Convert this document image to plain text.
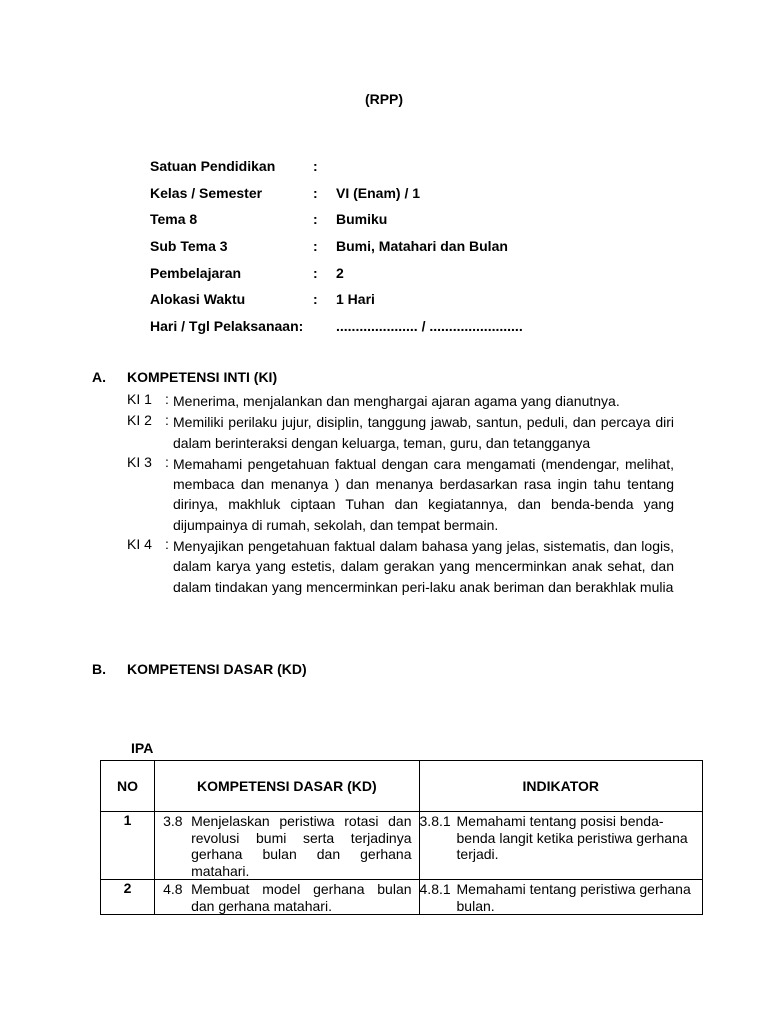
(RPP)
Satuan Pendidikan	:
Kelas / Semester	: VI (Enam) / 1
Tema 8	: Bumiku
Sub Tema 3	: Bumi, Matahari dan Bulan
Pembelajaran	: 2
Alokasi Waktu	: 1 Hari
Hari / Tgl Pelaksanaan: ..................... / ........................
A. KOMPETENSI INTI (KI)
KI 1 : Menerima, menjalankan dan menghargai ajaran agama yang dianutnya.
KI 2 : Memiliki perilaku jujur, disiplin, tanggung jawab, santun, peduli, dan percaya diri dalam berinteraksi dengan keluarga, teman, guru, dan tetangganya
KI 3 : Memahami pengetahuan faktual dengan cara mengamati (mendengar, melihat, membaca dan menanya ) dan menanya berdasarkan rasa ingin tahu tentang dirinya, makhluk ciptaan Tuhan dan kegiatannya, dan benda-benda yang dijumpainya di rumah, sekolah, dan tempat bermain.
KI 4 : Menyajikan pengetahuan faktual dalam bahasa yang jelas, sistematis, dan logis, dalam karya yang estetis, dalam gerakan yang mencerminkan anak sehat, dan dalam tindakan yang mencerminkan peri-laku anak beriman dan berakhlak mulia
B. KOMPETENSI DASAR (KD)
IPA
NO	KOMPETENSI DASAR (KD)	INDIKATOR
1	3.8 Menjelaskan peristiwa rotasi dan revolusi bumi serta terjadinya gerhana bulan dan gerhana matahari.	3.8.1 Memahami tentang posisi benda-benda langit ketika peristiwa gerhana terjadi.

2	4.8 Membuat model gerhana bulan dan gerhana matahari.	4.8.1 Memahami tentang peristiwa gerhana bulan.
